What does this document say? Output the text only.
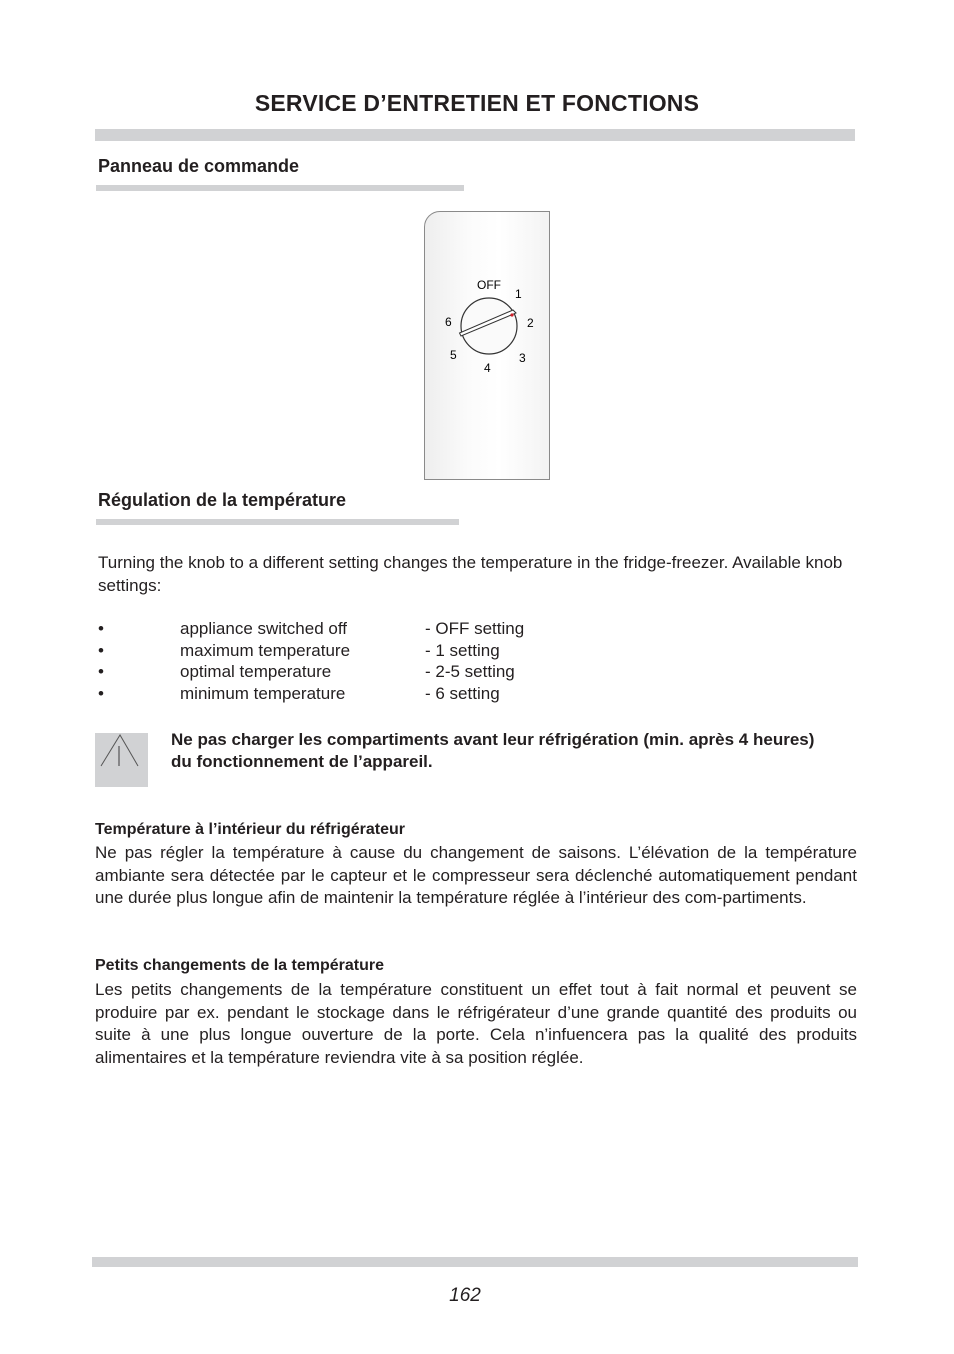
SERVICE D’ENTRETIEN ET FONCTIONS
Panneau de commande
OFF
1
2
3
4
5
6
Régulation de la température
Turning the knob to a different setting changes the temperature in the fridge-freezer. Available knob settings:
•	appliance switched off	- OFF setting
•	maximum temperature	- 1 setting
•	optimal temperature	- 2-5 setting
•	minimum temperature	- 6 setting
Ne pas charger les compartiments avant leur réfrigération (min. après 4 heures)
du fonctionnement de l’appareil.
Température à l’intérieur du réfrigérateur
Ne pas régler la température à cause du changement de saisons. L’élévation de la température ambiante sera détectée par le capteur et le compresseur sera déclenché automatiquement pendant une durée plus longue afin de maintenir la température réglée à l’intérieur des com-partiments.
Petits changements de la température
Les petits changements de la température constituent un effet tout à fait normal et peuvent se produire par ex. pendant le stockage dans le réfrigérateur d’une grande quantité des produits ou suite à une plus longue ouverture de la porte. Cela n’infuencera pas la qualité des produits alimentaires et la température reviendra vite à sa position réglée.
162
